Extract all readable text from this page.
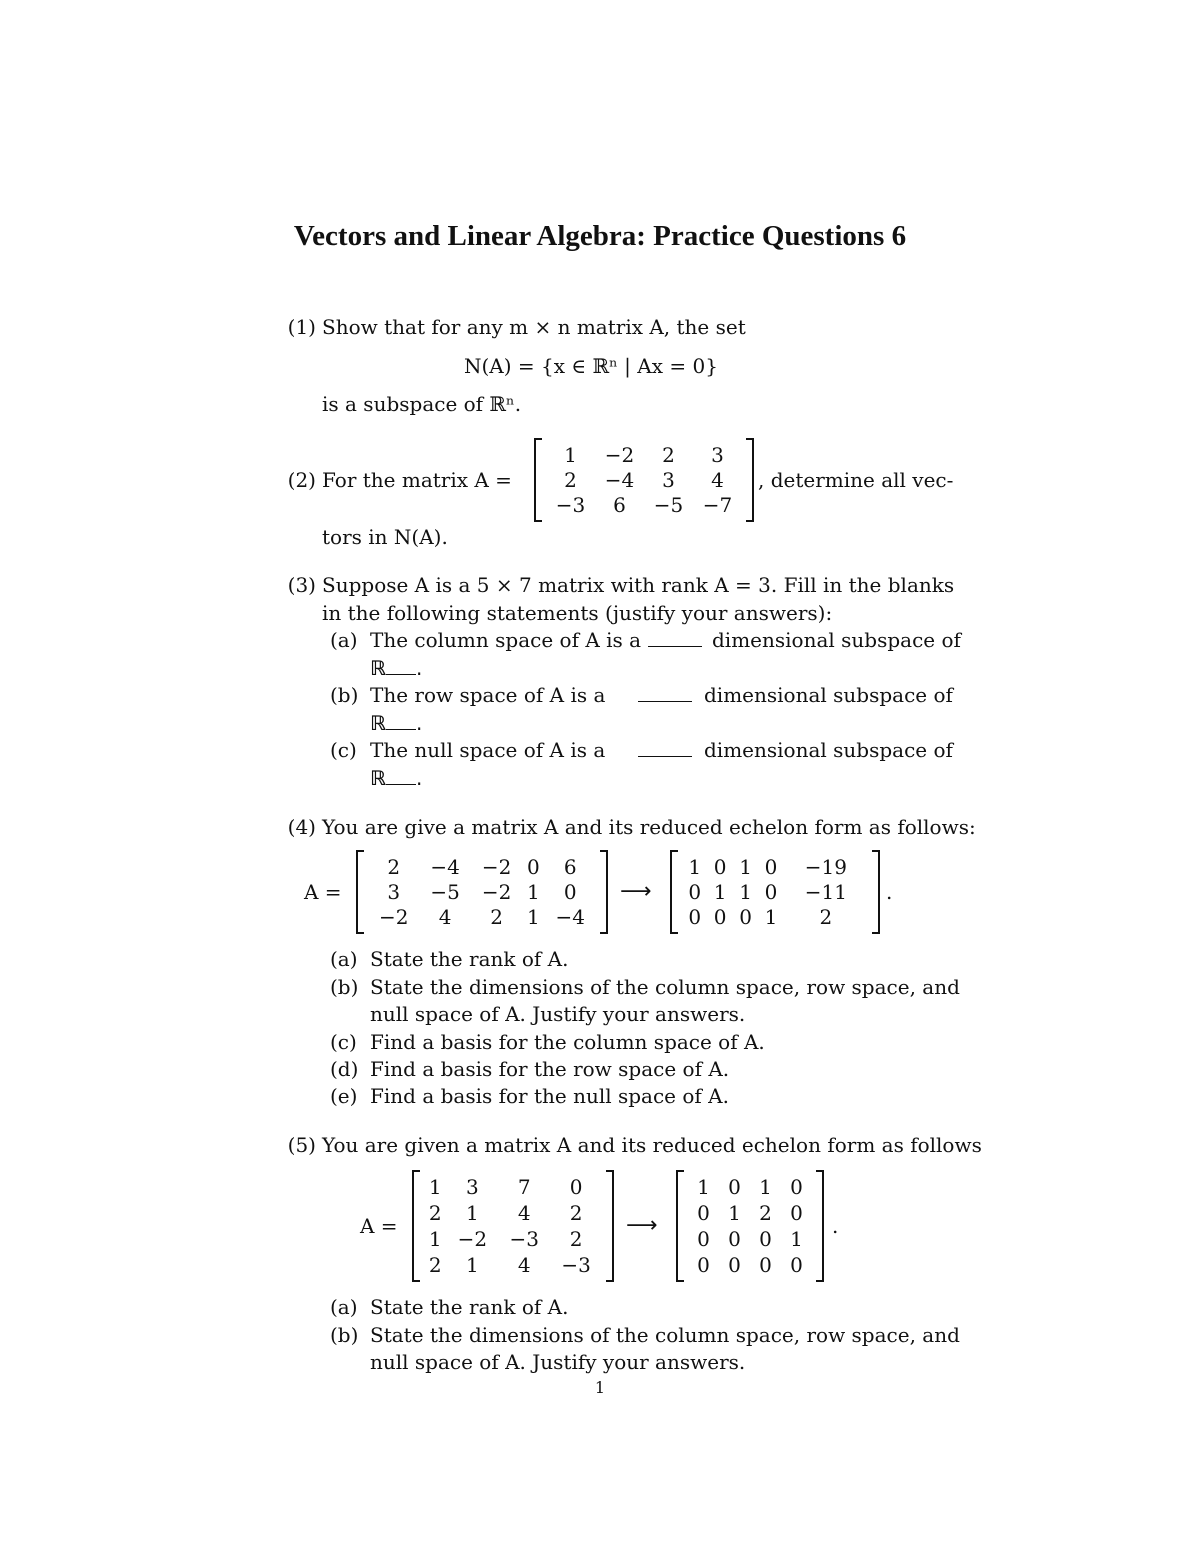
Vectors and Linear Algebra: Practice Questions 6
(1) Show that for any m × n matrix A, the set
N(A) = {x ∈ ℝⁿ | Ax = 0}
is a subspace of ℝⁿ.
(2) For the matrix A =
1	−2	2	3
2	−4	3	4
−3	6	−5	−7
, determine all vec-
tors in N(A).
(3) Suppose A is a 5 × 7 matrix with rank A = 3. Fill in the blanks
in the following statements (justify your answers):
(a) The column space of A is a	dimensional subspace of
ℝ .
(b) The row space of A is a	dimensional subspace of
ℝ .
(c) The null space of A is a	dimensional subspace of
ℝ .
(4) You are give a matrix A and its reduced echelon form as follows:
A =
2	−4	−2	0	6
3	−5	−2	1	0
−2	4	2	1	−4
⟶
1	0	1	0	−19
0	1	1	0	−11
0	0	0	1	2
.
(a) State the rank of A.
(b) State the dimensions of the column space, row space, and
null space of A. Justify your answers.
(c) Find a basis for the column space of A.
(d) Find a basis for the row space of A.
(e) Find a basis for the null space of A.
(5) You are given a matrix A and its reduced echelon form as follows
A =
1	3	7	0
2	1	4	2
1	−2	−3	2
2	1	4	−3
⟶
1	0	1	0
0	1	2	0
0	0	0	1
0	0	0	0
.
(a) State the rank of A.
(b) State the dimensions of the column space, row space, and
null space of A. Justify your answers.
1
